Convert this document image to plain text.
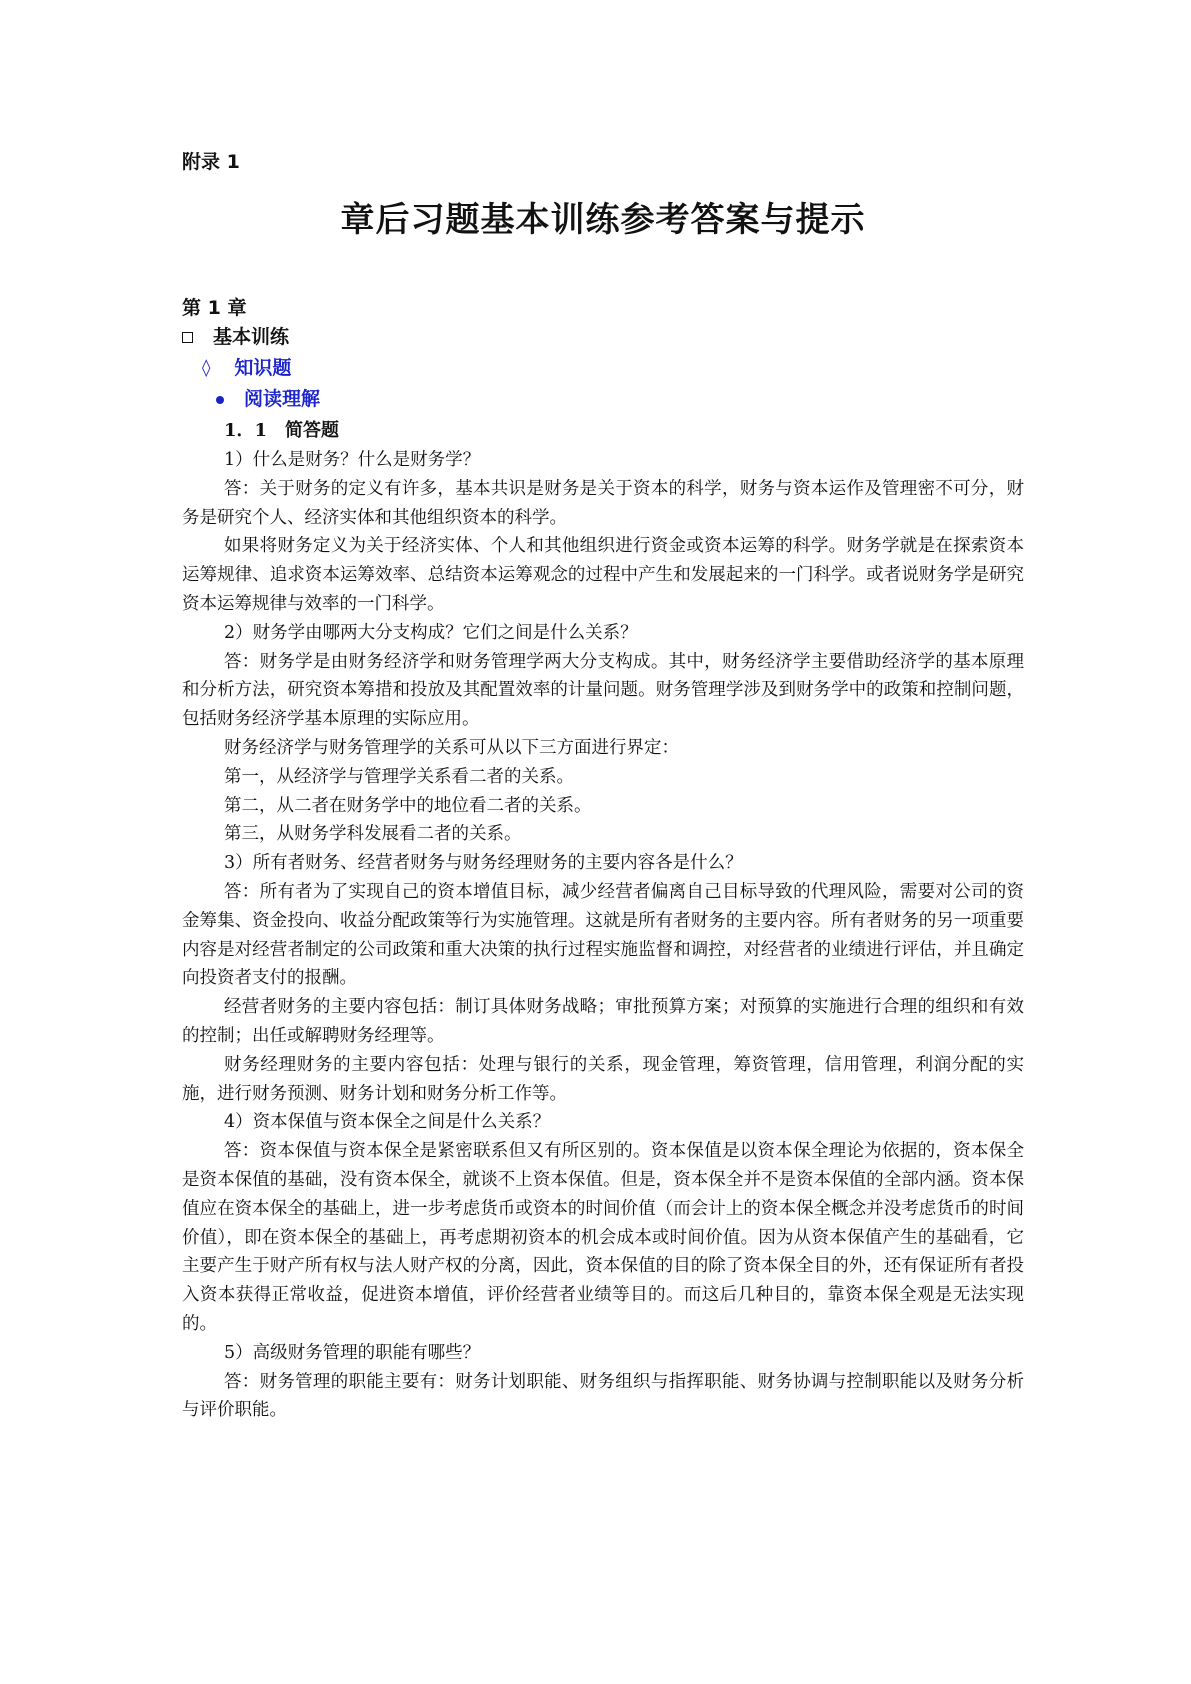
附录 1

章后习题基本训练参考答案与提示

第 1 章

基本训练
◊ 知识题
阅读理解

1．1　简答题

1）什么是财务？什么是财务学？

答：关于财务的定义有许多，基本共识是财务是关于资本的科学，财务与资本运作及管理密不可分，财务是研究个人、经济实体和其他组织资本的科学。

如果将财务定义为关于经济实体、个人和其他组织进行资金或资本运筹的科学。财务学就是在探索资本运筹规律、追求资本运筹效率、总结资本运筹观念的过程中产生和发展起来的一门科学。或者说财务学是研究资本运筹规律与效率的一门科学。

2）财务学由哪两大分支构成？它们之间是什么关系？

答：财务学是由财务经济学和财务管理学两大分支构成。其中，财务经济学主要借助经济学的基本原理和分析方法，研究资本筹措和投放及其配置效率的计量问题。财务管理学涉及到财务学中的政策和控制问题，包括财务经济学基本原理的实际应用。

财务经济学与财务管理学的关系可从以下三方面进行界定：

第一，从经济学与管理学关系看二者的关系。

第二，从二者在财务学中的地位看二者的关系。

第三，从财务学科发展看二者的关系。

3）所有者财务、经营者财务与财务经理财务的主要内容各是什么？

答：所有者为了实现自己的资本增值目标，减少经营者偏离自己目标导致的代理风险，需要对公司的资金筹集、资金投向、收益分配政策等行为实施管理。这就是所有者财务的主要内容。所有者财务的另一项重要内容是对经营者制定的公司政策和重大决策的执行过程实施监督和调控，对经营者的业绩进行评估，并且确定向投资者支付的报酬。

经营者财务的主要内容包括：制订具体财务战略；审批预算方案；对预算的实施进行合理的组织和有效的控制；出任或解聘财务经理等。

财务经理财务的主要内容包括：处理与银行的关系，现金管理，筹资管理，信用管理，利润分配的实施，进行财务预测、财务计划和财务分析工作等。

4）资本保值与资本保全之间是什么关系？

答：资本保值与资本保全是紧密联系但又有所区别的。资本保值是以资本保全理论为依据的，资本保全是资本保值的基础，没有资本保全，就谈不上资本保值。但是，资本保全并不是资本保值的全部内涵。资本保值应在资本保全的基础上，进一步考虑货币或资本的时间价值（而会计上的资本保全概念并没考虑货币的时间价值），即在资本保全的基础上，再考虑期初资本的机会成本或时间价值。因为从资本保值产生的基础看，它主要产生于财产所有权与法人财产权的分离，因此，资本保值的目的除了资本保全目的外，还有保证所有者投入资本获得正常收益，促进资本增值，评价经营者业绩等目的。而这后几种目的，靠资本保全观是无法实现的。

5）高级财务管理的职能有哪些？

答：财务管理的职能主要有：财务计划职能、财务组织与指挥职能、财务协调与控制职能以及财务分析与评价职能。
